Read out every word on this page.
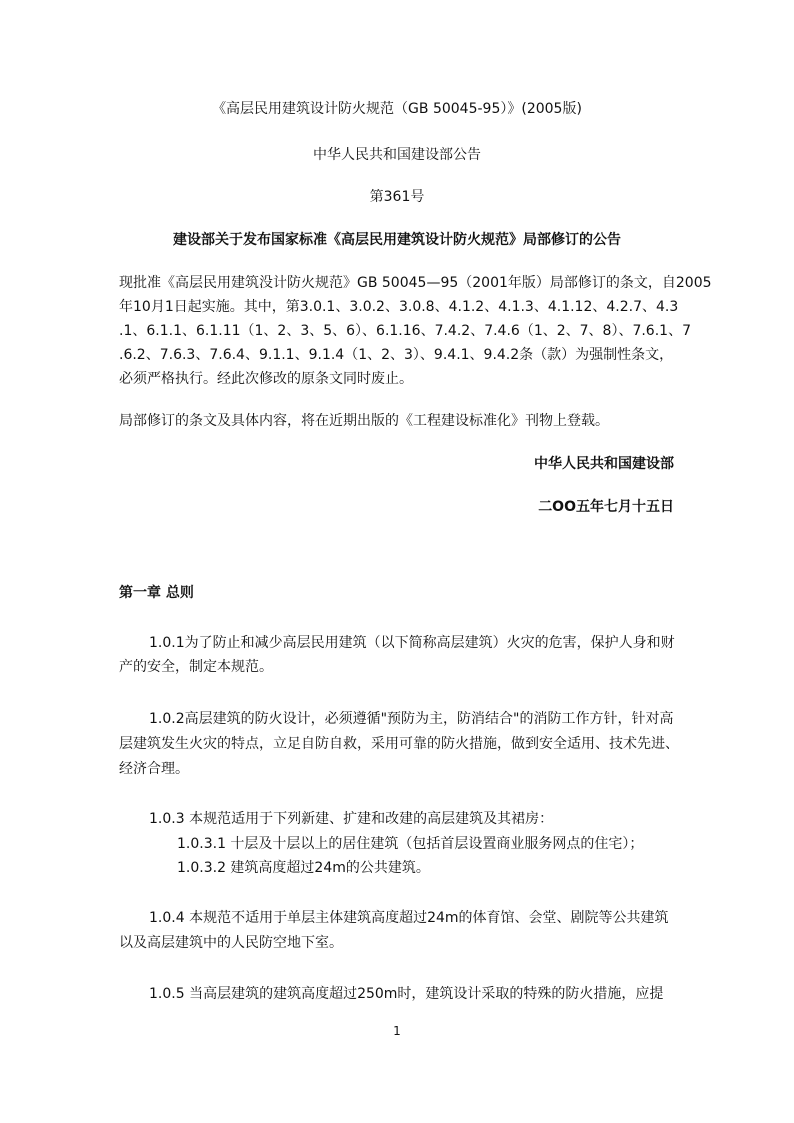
《高层民用建筑设计防火规范（GB 50045-95）》(2005版)
中华人民共和国建设部公告
第361号
建设部关于发布国家标准《高层民用建筑设计防火规范》局部修订的公告
现批准《高层民用建筑没计防火规范》GB 50045—95（2001年版）局部修订的条文，自2005
年10月1日起实施。其中，第3.0.1、3.0.2、3.0.8、4.1.2、4.1.3、4.1.12、4.2.7、4.3
.1、6.1.1、6.1.11（1、2、3、5、6）、6.1.16、7.4.2、7.4.6（1、2、7、8）、7.6.1、7
.6.2、7.6.3、7.6.4、9.1.1、9.1.4（1、2、3）、9.4.1、9.4.2条（款）为强制性条文，
必须严格执行。经此次修改的原条文同时废止。
局部修订的条文及具体内容，将在近期出版的《工程建设标准化》刊物上登载。
中华人民共和国建设部
二OO五年七月十五日
第一章 总则
1.0.1为了防止和减少高层民用建筑（以下简称高层建筑）火灾的危害，保护人身和财
产的安全，制定本规范。
1.0.2高层建筑的防火设计，必须遵循"预防为主，防消结合"的消防工作方针，针对高
层建筑发生火灾的特点，立足自防自救，采用可靠的防火措施，做到安全适用、技术先进、
经济合理。
1.0.3 本规范适用于下列新建、扩建和改建的高层建筑及其裙房：
1.0.3.1 十层及十层以上的居住建筑（包括首层设置商业服务网点的住宅）；
1.0.3.2 建筑高度超过24m的公共建筑。
1.0.4 本规范不适用于单层主体建筑高度超过24m的体育馆、会堂、剧院等公共建筑
以及高层建筑中的人民防空地下室。
1.0.5 当高层建筑的建筑高度超过250m时，建筑设计采取的特殊的防火措施，应提
1
